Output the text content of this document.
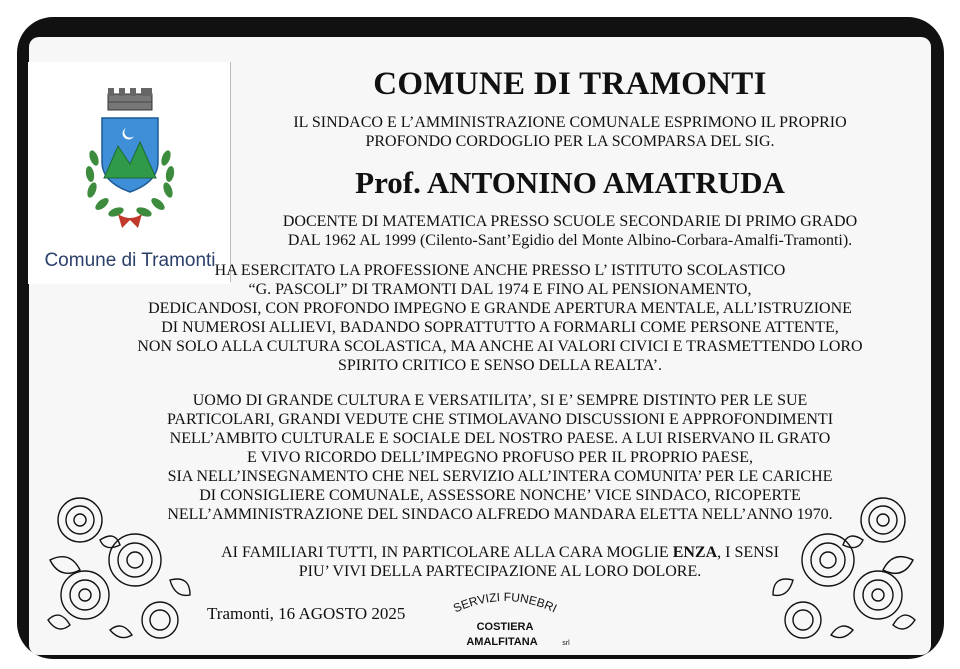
Comune di Tramonti
COMUNE DI TRAMONTI
IL SINDACO E L’AMMINISTRAZIONE COMUNALE ESPRIMONO IL PROPRIO
PROFONDO CORDOGLIO PER LA SCOMPARSA DEL SIG.
Prof. ANTONINO AMATRUDA
DOCENTE DI MATEMATICA PRESSO SCUOLE SECONDARIE DI PRIMO GRADO
DAL 1962 AL 1999 (Cilento-Sant’Egidio del Monte Albino-Corbara-Amalfi-Tramonti).
HA ESERCITATO LA PROFESSIONE ANCHE PRESSO L’ ISTITUTO SCOLASTICO
“G. PASCOLI” DI TRAMONTI DAL 1974 E FINO AL PENSIONAMENTO,
DEDICANDOSI, CON PROFONDO IMPEGNO E GRANDE APERTURA MENTALE, ALL’ISTRUZIONE
DI NUMEROSI ALLIEVI, BADANDO SOPRATTUTTO A FORMARLI COME PERSONE ATTENTE,
NON SOLO ALLA CULTURA SCOLASTICA, MA ANCHE AI VALORI CIVICI E TRASMETTENDO LORO
SPIRITO CRITICO E SENSO DELLA REALTA’.
UOMO DI GRANDE CULTURA E VERSATILITA’, SI E’ SEMPRE DISTINTO PER LE SUE
PARTICOLARI, GRANDI VEDUTE CHE STIMOLAVANO DISCUSSIONI E APPROFONDIMENTI
NELL’AMBITO CULTURALE E SOCIALE DEL NOSTRO PAESE. A LUI RISERVANO IL GRATO
E VIVO RICORDO DELL’IMPEGNO PROFUSO PER IL PROPRIO PAESE,
SIA NELL’INSEGNAMENTO CHE NEL SERVIZIO ALL’INTERA COMUNITA’ PER LE CARICHE
DI CONSIGLIERE COMUNALE, ASSESSORE NONCHE’ VICE SINDACO, RICOPERTE
NELL’AMMINISTRAZIONE DEL SINDACO ALFREDO MANDARA ELETTA NELL’ANNO 1970.
AI FAMILIARI TUTTI, IN PARTICOLARE ALLA CARA MOGLIE ENZA, I SENSI
PIU’ VIVI DELLA PARTECIPAZIONE AL LORO DOLORE.
Tramonti, 16 AGOSTO 2025	SERVIZI FUNEBRI
COSTIERA
AMALFITANA	srl
